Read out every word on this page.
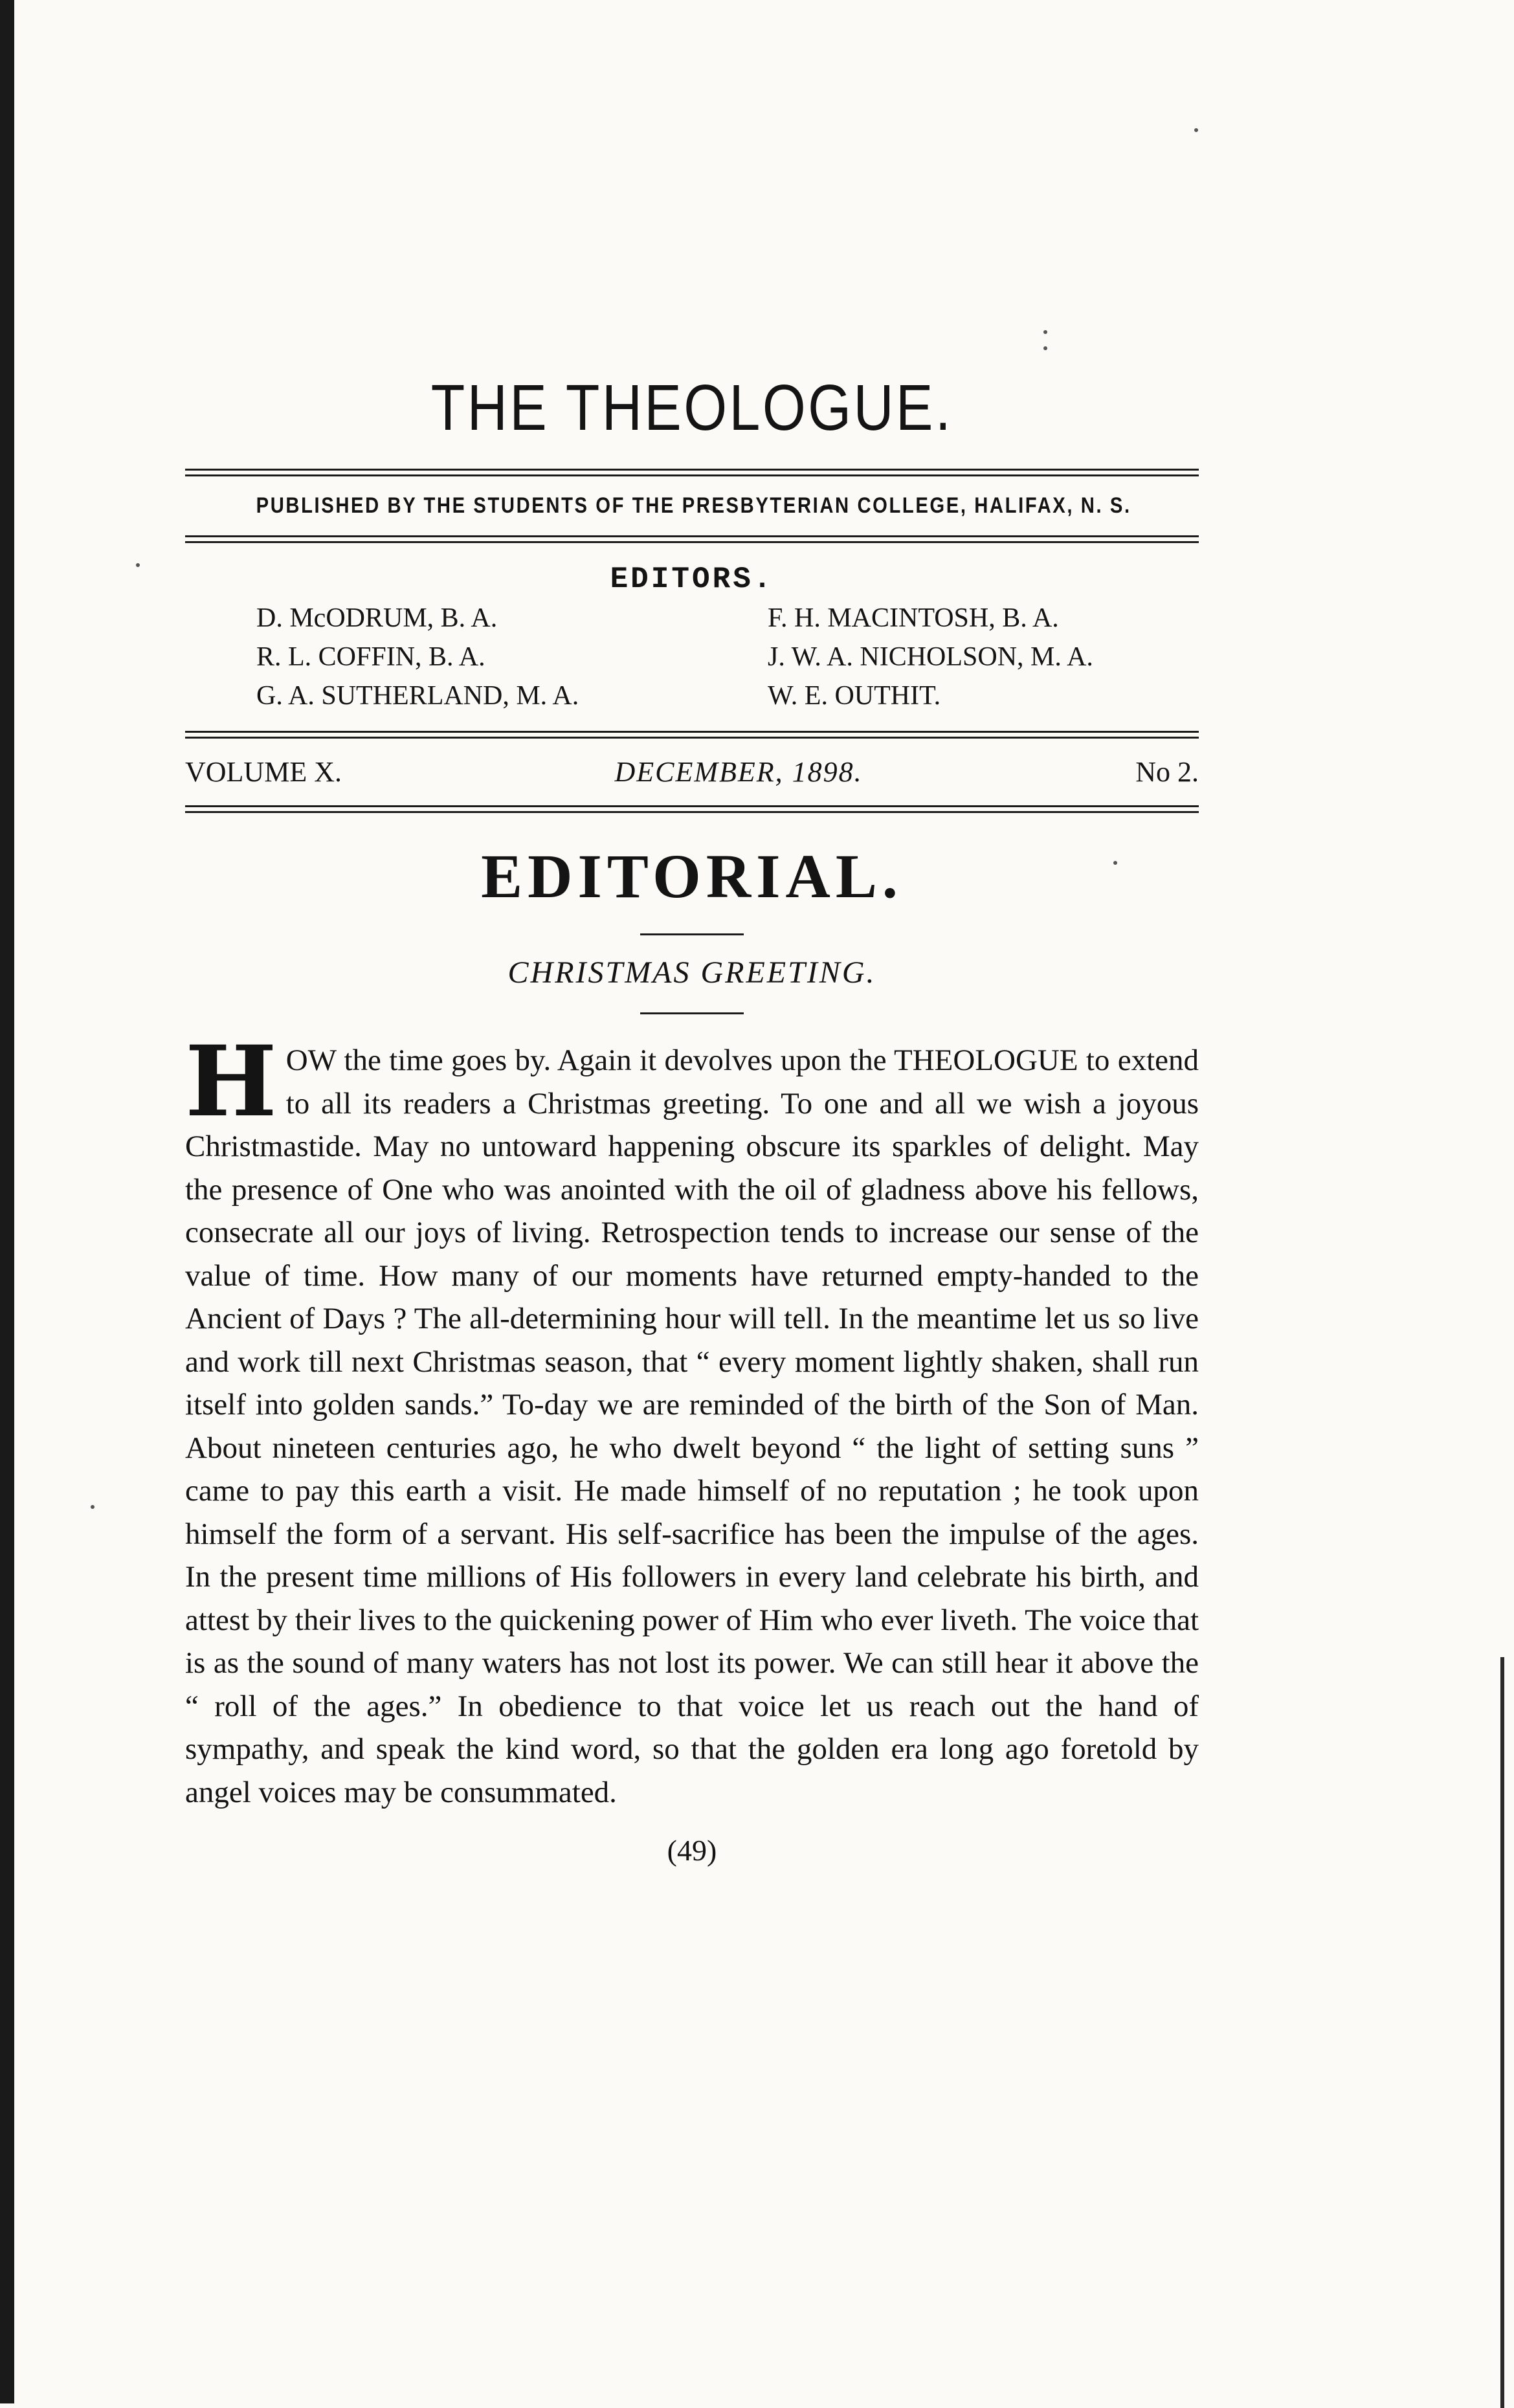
THE THEOLOGUE.
PUBLISHED BY THE STUDENTS OF THE PRESBYTERIAN COLLEGE, HALIFAX, N. S.
EDITORS.
D. McODRUM, B. A.	F. H. MACINTOSH, B. A.
R. L. COFFIN, B. A.	J. W. A. NICHOLSON, M. A.
G. A. SUTHERLAND, M. A.	W. E. OUTHIT.
VOLUME X.	DECEMBER, 1898.	No 2.
EDITORIAL.
CHRISTMAS GREETING.
H OW the time goes by. Again it devolves upon the THEOLOGUE to extend to all its readers a Christmas greeting. To one and all we wish a joyous Christmastide. May no untoward happening obscure its sparkles of delight. May the presence of One who was anointed with the oil of gladness above his fellows, consecrate all our joys of living. Retrospection tends to increase our sense of the value of time. How many of our moments have returned empty-handed to the Ancient of Days ? The all-determining hour will tell. In the meantime let us so live and work till next Christmas season, that “ every moment lightly shaken, shall run itself into golden sands.” To-day we are reminded of the birth of the Son of Man. About nineteen centuries ago, he who dwelt beyond “ the light of setting suns ” came to pay this earth a visit. He made himself of no reputation ; he took upon himself the form of a servant. His self-sacrifice has been the impulse of the ages. In the present time millions of His followers in every land celebrate his birth, and attest by their lives to the quickening power of Him who ever liveth. The voice that is as the sound of many waters has not lost its power. We can still hear it above the “ roll of the ages.” In obedience to that voice let us reach out the hand of sympathy, and speak the kind word, so that the golden era long ago foretold by angel voices may be consummated.
(49)
